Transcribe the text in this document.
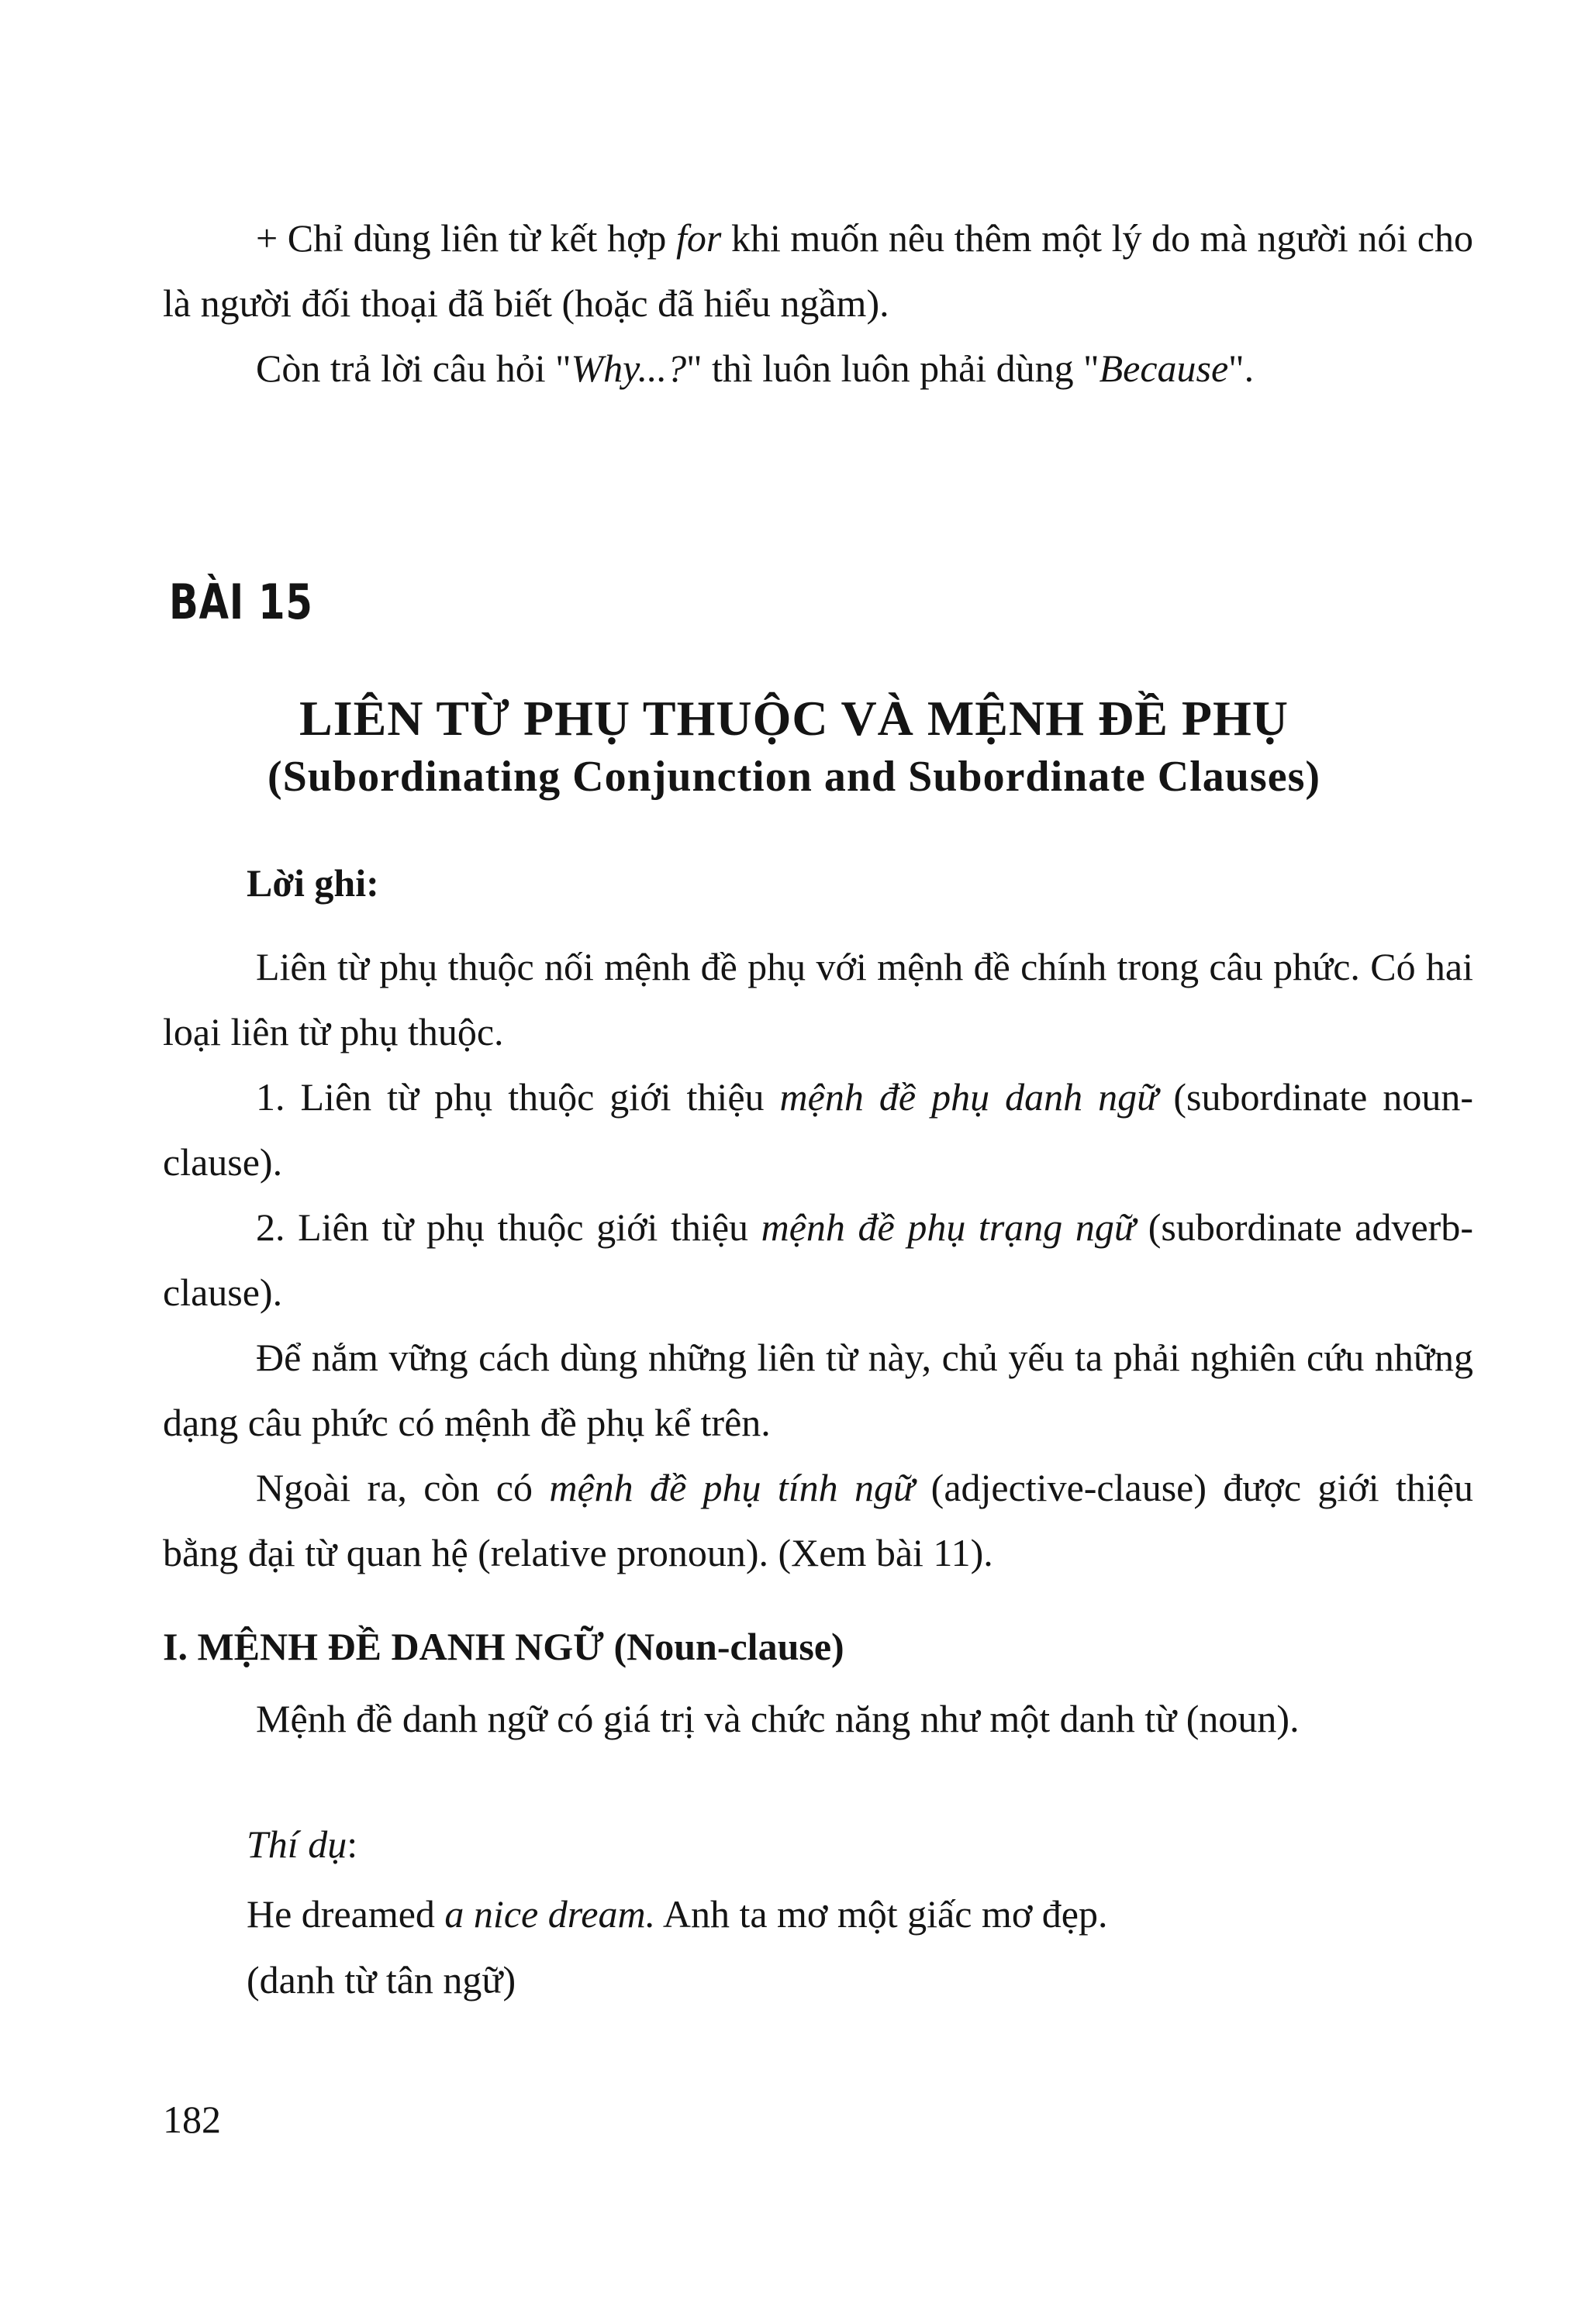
+ Chỉ dùng liên từ kết hợp for khi muốn nêu thêm một lý do mà người nói cho là người đối thoại đã biết (hoặc đã hiểu ngầm).

Còn trả lời câu hỏi "Why...?" thì luôn luôn phải dùng "Because".

BÀI 15
LIÊN TỪ PHỤ THUỘC VÀ MỆNH ĐỀ PHỤ
(Subordinating Conjunction and Subordinate Clauses)
Lời ghi:

Liên từ phụ thuộc nối mệnh đề phụ với mệnh đề chính trong câu phức. Có hai loại liên từ phụ thuộc.

1. Liên từ phụ thuộc giới thiệu mệnh đề phụ danh ngữ (subordinate noun-clause).

2. Liên từ phụ thuộc giới thiệu mệnh đề phụ trạng ngữ (subordinate adverb-clause).

Để nắm vững cách dùng những liên từ này, chủ yếu ta phải nghiên cứu những dạng câu phức có mệnh đề phụ kể trên.

Ngoài ra, còn có mệnh đề phụ tính ngữ (adjective-clause) được giới thiệu bằng đại từ quan hệ (relative pronoun). (Xem bài 11).

I. MỆNH ĐỀ DANH NGỮ (Noun-clause)

Mệnh đề danh ngữ có giá trị và chức năng như một danh từ (noun).

Thí dụ:
He dreamed a nice dream. Anh ta mơ một giấc mơ đẹp.
(danh từ tân ngữ)
182
